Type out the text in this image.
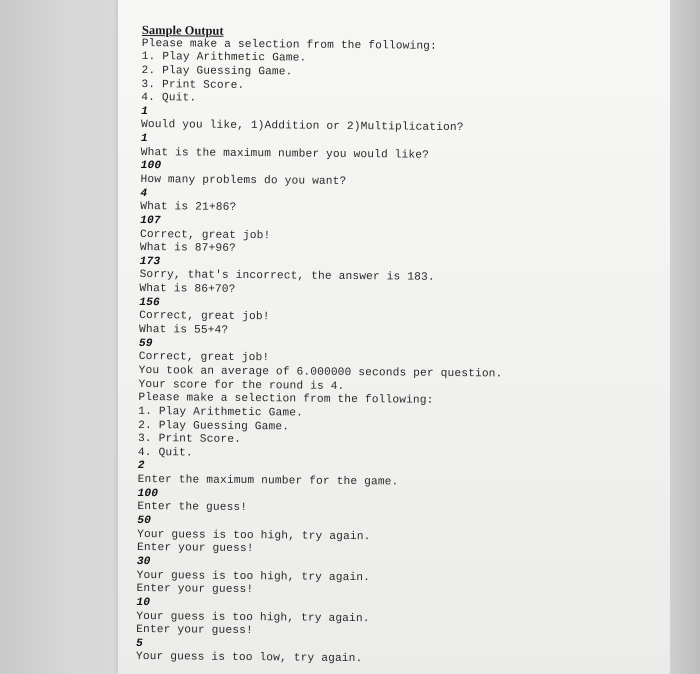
Sample Output
Please make a selection from the following:
1. Play Arithmetic Game.
2. Play Guessing Game.
3. Print Score.
4. Quit.
1
Would you like, 1)Addition or 2)Multiplication?
1
What is the maximum number you would like?
100
How many problems do you want?
4
What is 21+86?
107
Correct, great job!
What is 87+96?
173
Sorry, that's incorrect, the answer is 183.
What is 86+70?
156
Correct, great job!
What is 55+4?
59
Correct, great job!
You took an average of 6.000000 seconds per question.
Your score for the round is 4.
Please make a selection from the following:
1. Play Arithmetic Game.
2. Play Guessing Game.
3. Print Score.
4. Quit.
2
Enter the maximum number for the game.
100
Enter the guess!
50
Your guess is too high, try again.
Enter your guess!
30
Your guess is too high, try again.
Enter your guess!
10
Your guess is too high, try again.
Enter your guess!
5
Your guess is too low, try again.
